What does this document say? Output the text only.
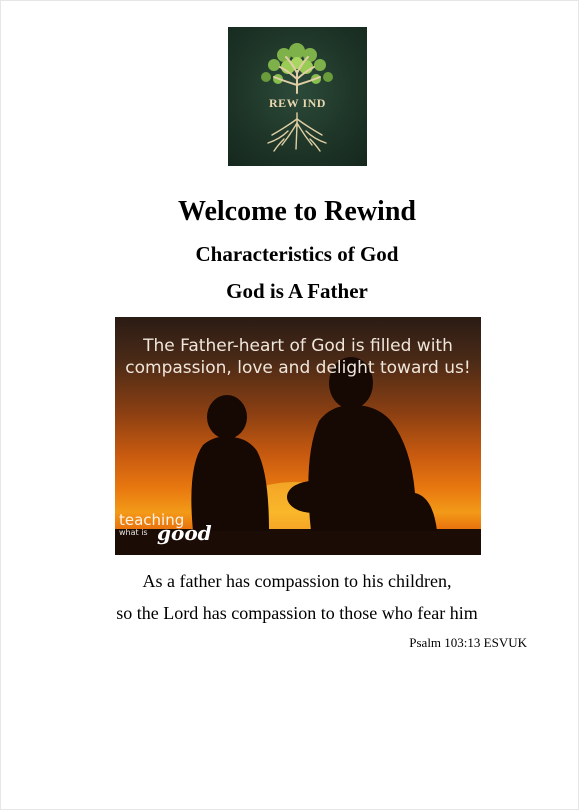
REW IND
Welcome to Rewind
Characteristics of God
God is A Father
The Father-heart of God is filled with
compassion, love and delight toward us!
teaching
what is good
As a father has compassion to his children,
so the Lord has compassion to those who fear him
Psalm 103:13 ESVUK
